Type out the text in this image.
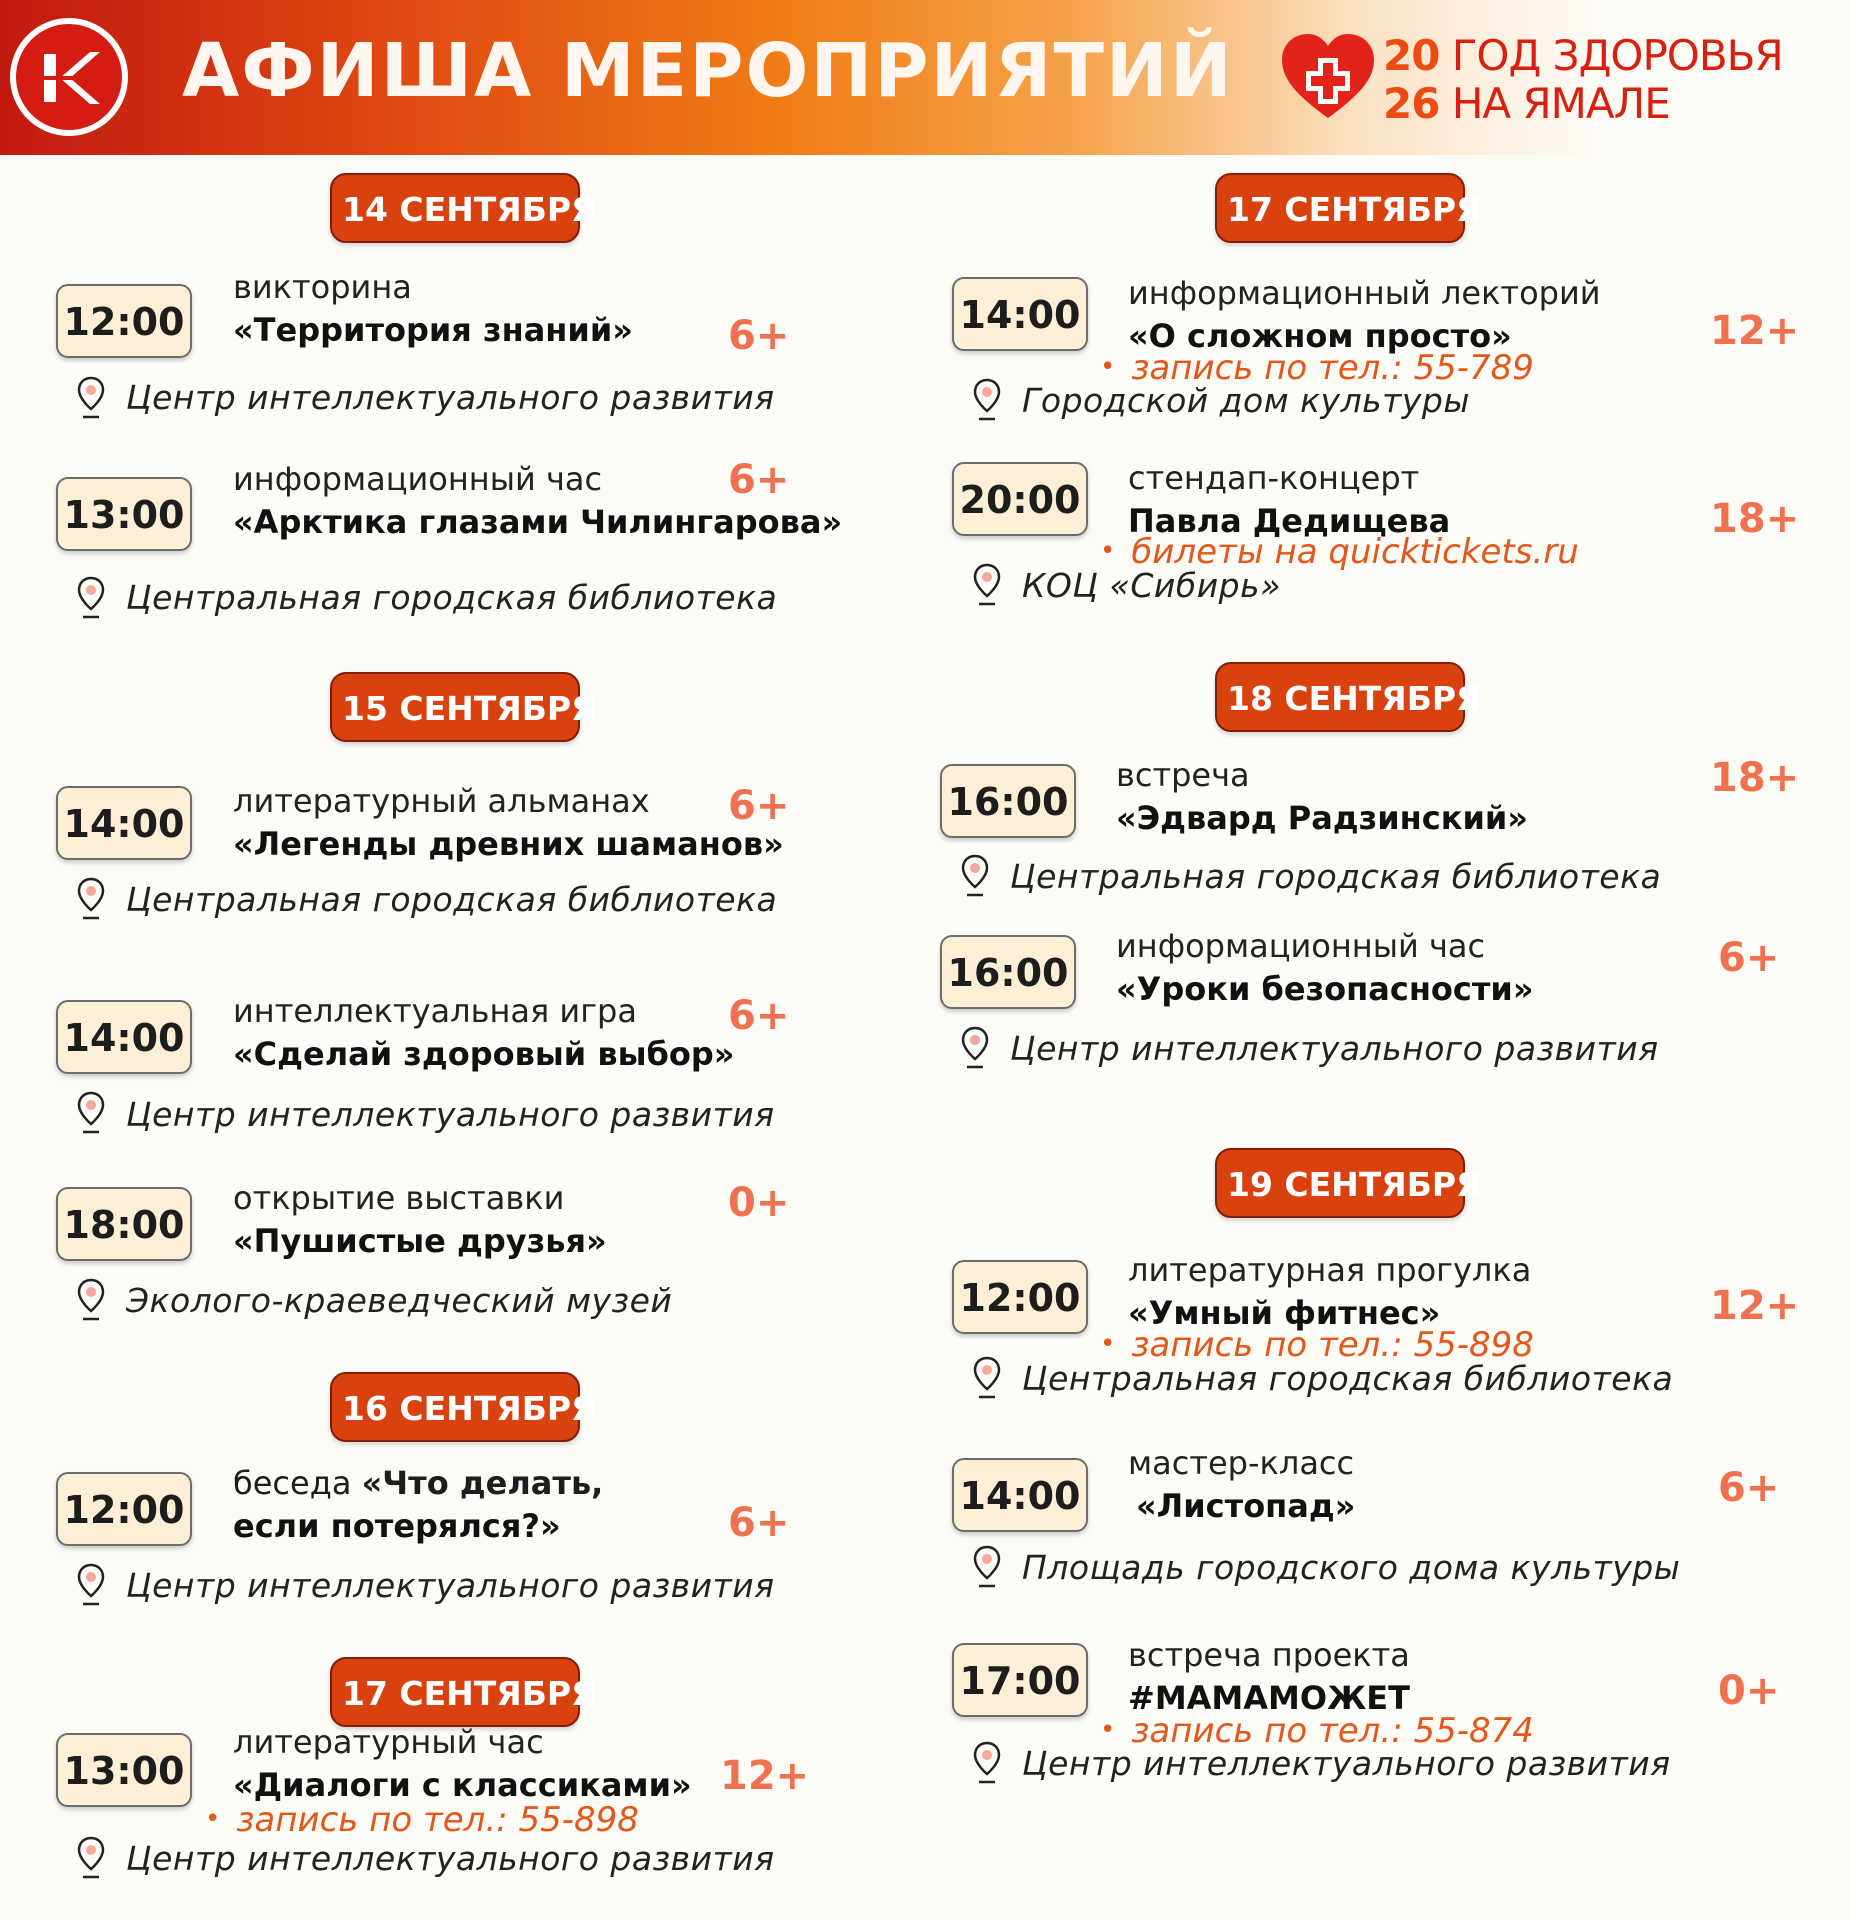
АФИША МЕРОПРИЯТИЙ	20 ГОД ЗДОРОВЬЯ
26 НА ЯМАЛЕ
14 СЕНТЯБРЯ
12:00
викторина
«Территория знаний» 6+
Центр интеллектуального развития
13:00
информационный час
«Арктика глазами Чилингарова»
6+
Центральная городская библиотека
15 СЕНТЯБРЯ
14:00
литературный альманах
«Легенды древних шаманов»
6+
Центральная городская библиотека
14:00
интеллектуальная игра
«Сделай здоровый выбор»
6+
Центр интеллектуального развития
18:00
открытие выставки
«Пушистые друзья»
0+
Эколого-краеведческий музей
16 СЕНТЯБРЯ
12:00
беседа «Что делать,
если потерялся?»	6+
Центр интеллектуального развития
17 СЕНТЯБРЯ
13:00
литературный час
«Диалоги с классиками» 12+
• запись по тел.: 55-898
Центр интеллектуального развития
17 СЕНТЯБРЯ
14:00 информационный лекторий
«О сложном просто»	12+
• запись по тел.: 55-789
Городской дом культуры
20:00 стендап-концерт
Павла Дедищева	18+
• билеты на quicktickets.ru
КОЦ «Сибирь»
18 СЕНТЯБРЯ
16:00
встреча
«Эдвард Радзинский»
18+
Центральная городская библиотека
16:00
информационный час
«Уроки безопасности»
6+
Центр интеллектуального развития
19 СЕНТЯБРЯ
12:00
литературная прогулка
«Умный фитнес»	12+
• запись по тел.: 55-898
Центральная городская библиотека
14:00
мастер-класс
«Листопад»	6+
Площадь городского дома культуры
17:00
встреча проекта
#МАМАМОЖЕТ	0+
• запись по тел.: 55-874
Центр интеллектуального развития
